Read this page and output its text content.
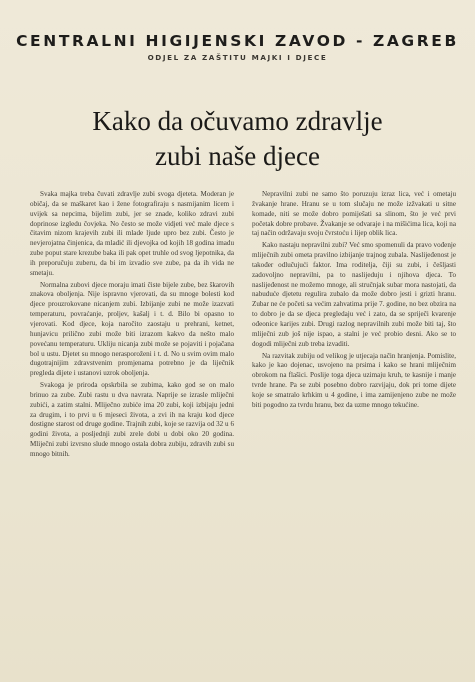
CENTRALNI HIGIJENSKI ZAVOD - ZAGREB
ODJEL ZA ZAŠTITU MAJKI I DJECE
Kako da očuvamo zdravlje
zubi naše djece

Svaka majka treba čuvati zdravlje zubi svoga djeteta. Moderan je običaj, da se maškaret kao i žene fotografiraju s nasmijanim licem i uvijek sa nepcima, bijelim zubi, jer se znade, koliko zdravi zubi doprinose izgledu čovjeka. No često se može vidjeti već male djece s čitavim nizom krajevih zubi ili mlade ljude upro bez zubi. Često je nevjerojatna činjenica, da mladić ili djevojka od kojih 18 godina imadu zube poput stare krezube baka ili pak opet truhle od svog ljepotnika, da ih preporučuju zuberu, da bi im izvadio sve zube, pa da ih vida ne smetaju.

Normalna zubovi djece moraju imati čiste bijele zube, bez škarovih znakova oboljenja. Nije ispravno vjerovati, da su mnoge bolesti kod djece prouzrokovane nicanjem zubi. Izbijanje zubi ne može izazvati temperaturu, povraćanje, proljev, kašalj i t. d. Bilo bi opasno to vjerovati. Kod djece, koja naročito zaostaju u prehrani, ketnet, hunjavicu prilično zubi može biti izrazom kakvo da nešto malo povećanu temperaturu. Ukliju nicanja zubi može se pojaviti i pojačana bol u ustu. Djetet su mnogo nerasporoženi i t. d. No u svim ovim malo dugotrajnijim zdravstvenim promjenama potrebno je da liječnik pregleda dijete i ustanovi uzrok oboljenja.

Svakoga je priroda opskrbila se zubima, kako god se on malo brinuo za zube. Zubi rastu u dva navrata. Naprije se izrasle mliječni zubići, a zatim stalni. Mliječno zubiće ima 20 zubi, koji izbijaju jedni za drugim, i to prvi u 6 mjeseci života, a zvi ih na kraju kod djece dostigne starost od druge godine. Trajnih zubi, koje se razvija od 32 u 6 godini života, a posljednji zubi zrele dobi u dobi oko 20 godina. Mliječni zubi izvrsno slude mnogo ostala dobra zubiju, zdravih zubi su mnogo bitnih.

Nepravilni zubi ne samo što poruzuju izraz lica, već i ometaju žvakanje hrane. Hranu se u tom slučaju ne može izžvakati u sitne komade, niti se može dobro pomiješati sa slinom, što je već prvi početak dobre probave. Žvakanje se odvaraje i na mišićima lica, koji na taj način održavaju svoju čvrstoću i lijep oblik lica.

Kako nastaju nepravilni zubi? Već smo spomenuli da pravo vođenje mliječnih zubi ometa pravilno izbijanje trajnog zubala. Naslijeđenost je također odlučujući faktor. Ima roditelja, čiji su zubi, i češljasti zadovoljno nepravilni, pa to naslijeduju i njihova djeca. To naslijeđenost ne možemo mnoge, ali stručnjak subar mora nastojati, da nabuduće djetetu regulira zubalo da može dobro jesti i grizti hranu. Zubar ne će početi sa većim zahvatima prije 7. godine, no bez obzira na to dobro je da se djeca pregledaju već i zato, da se spriječi kvarenje ođeonice karijes zubi. Drugi razlog nepravilnih zubi može biti taj, što mliječni zub još nije ispao, a stalni je već probio desni. Ako se to dogodi mliječni zub treba izvaditi.

Na razvitak zubiju od velikog je utjecaja način hranjenja. Pomislite, kako je kao dojenac, usvojeno na prsima i kako se hrani mliječnim obrokom na flašici. Poslije toga djeca uzimaju kruh, te kasnije i manje tvrde hrane. Pa se zubi posebno dobro razvijaju, dok pri tome dijete koje se smatralo krhkim u 4 godine, i ima zamijenjeno zube ne može biti pogodno za tvrdu hranu, bez da uzme mnogo tekućine.
